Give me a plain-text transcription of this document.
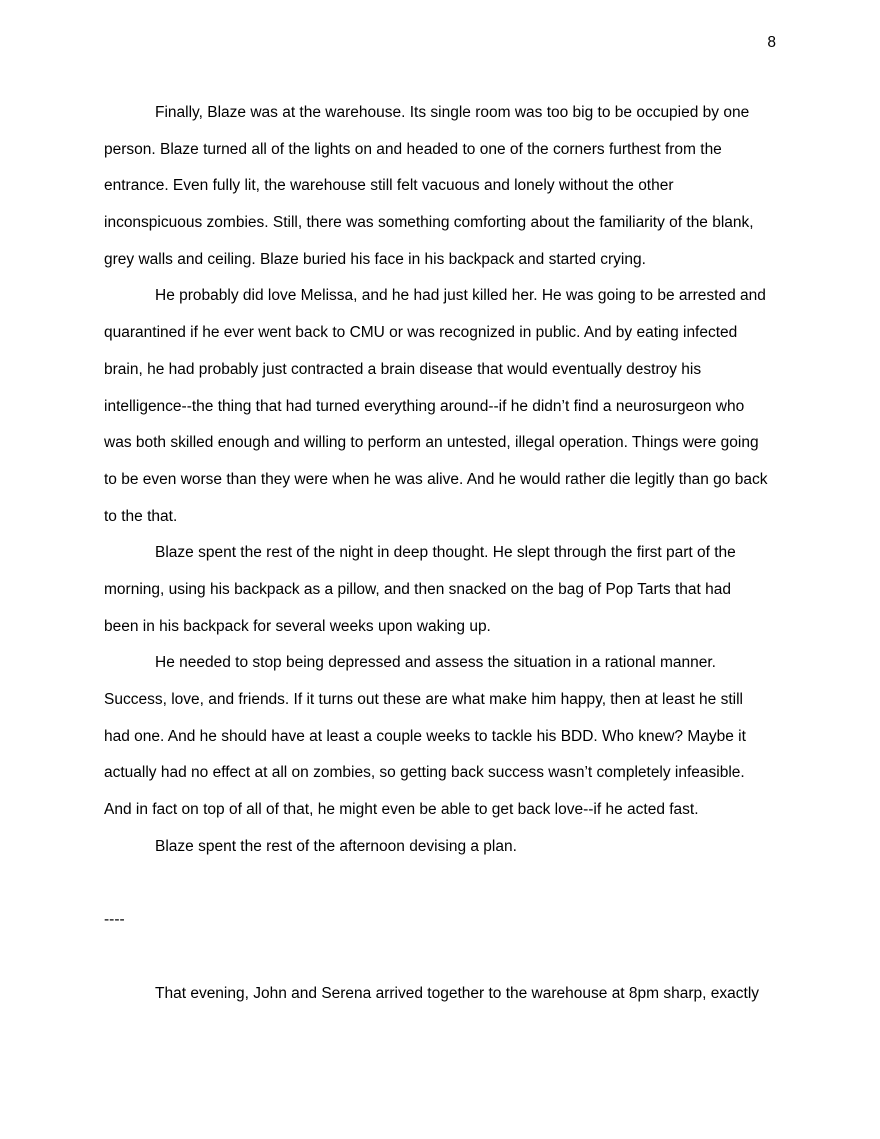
8
Finally, Blaze was at the warehouse. Its single room was too big to be occupied by one
person. Blaze turned all of the lights on and headed to one of the corners furthest from the
entrance. Even fully lit, the warehouse still felt vacuous and lonely without the other
inconspicuous zombies. Still, there was something comforting about the familiarity of the blank,
grey walls and ceiling. Blaze buried his face in his backpack and started crying.
He probably did love Melissa, and he had just killed her. He was going to be arrested and
quarantined if he ever went back to CMU or was recognized in public. And by eating infected
brain, he had probably just contracted a brain disease that would eventually destroy his
intelligence--the thing that had turned everything around--if he didn’t find a neurosurgeon who
was both skilled enough and willing to perform an untested, illegal operation. Things were going
to be even worse than they were when he was alive. And he would rather die legitly than go back
to the that.
Blaze spent the rest of the night in deep thought. He slept through the first part of the
morning, using his backpack as a pillow, and then snacked on the bag of Pop Tarts that had
been in his backpack for several weeks upon waking up.
He needed to stop being depressed and assess the situation in a rational manner.
Success, love, and friends. If it turns out these are what make him happy, then at least he still
had one. And he should have at least a couple weeks to tackle his BDD. Who knew? Maybe it
actually had no effect at all on zombies, so getting back success wasn’t completely infeasible.
And in fact on top of all of that, he might even be able to get back love--if he acted fast.
Blaze spent the rest of the afternoon devising a plan.
----
That evening, John and Serena arrived together to the warehouse at 8pm sharp, exactly
